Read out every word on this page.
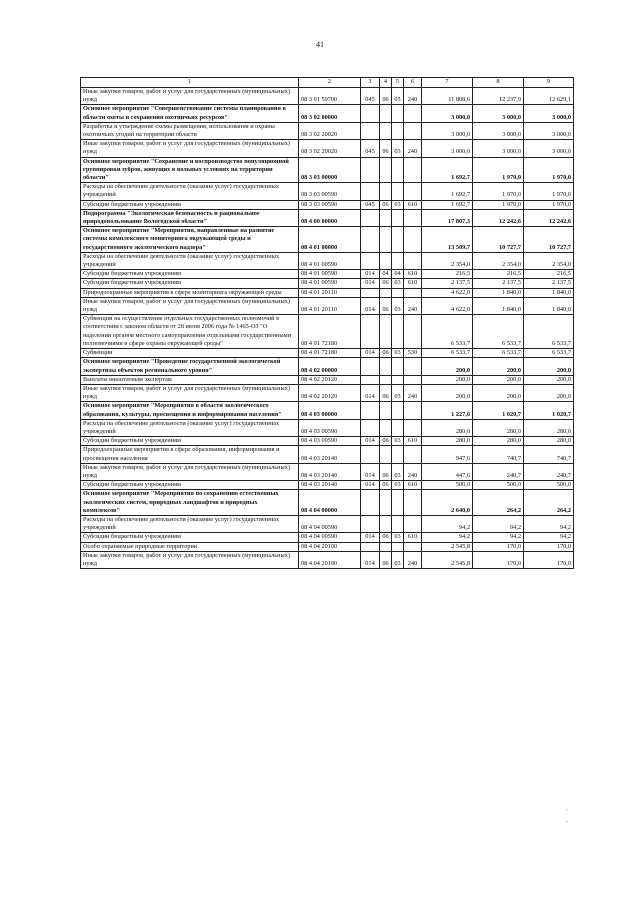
41
1	2	3	4	5	6	7	8	9
Иные закупки товаров, работ и услуг для государственных (муниципальных) нужд	08 3 01 59700	045	06	05	240	11 808,6	12 237,9	12 629,1
Основное мероприятие "Совершенствование системы планирования в области охоты и сохранения охотничьих ресурсов"	08 3 02 00000					3 000,0	3 000,0	3 000,0
Разработка и утверждение схемы размещения, использования и охраны охотничьих угодий на территории области	08 3 02 20020					3 000,0	3 000,0	3 000,0
Иные закупки товаров, работ и услуг для государственных (муниципальных) нужд	08 3 02 20020	045	06	03	240	3 000,0	3 000,0	3 000,0
Основное мероприятие "Сохранение и воспроизводство популяционной группировки зубров, живущих в вольных условиях на территории области"	08 3 03 00000					1 692,7	1 970,0	1 970,0
Расходы на обеспечение деятельности (оказание услуг) государственных учреждений	08 3 03 00590					1 692,7	1 970,0	1 970,0
Субсидии бюджетным учреждениям	08 3 03 00590	045	06	03	610	1 692,7	1 970,0	1 970,0
Подпрограмма "Экологическая безопасность и рациональное природопользование Вологодской области"	08 4 00 00000					17 807,3	12 242,6	12 242,6
Основное мероприятие "Мероприятия, направленные на развитие системы комплексного мониторинга окружающей среды и государственного экологического надзора"	08 4 01 00000					13 509,7	10 727,7	10 727,7
Расходы на обеспечение деятельности (оказание услуг) государственных учреждений	08 4 01 00590					2 354,0	2 354,0	2 354,0
Субсидии бюджетным учреждениям	08 4 01 00590	014	04	04	610	216,5	216,5	216,5
Субсидии бюджетным учреждениям	08 4 01 00590	014	06	03	610	2 137,5	2 137,5	2 137,5
Природоохранные мероприятия в сфере мониторинга окружающей среды	08 4 01 20110					4 622,0	1 840,0	1 840,0
Иные закупки товаров, работ и услуг для государственных (муниципальных) нужд	08 4 01 20110	014	06	03	240	4 622,0	1 840,0	1 840,0
Субвенции на осуществление отдельных государственных полномочий в соответствии с законом области от 28 июня 2006 года № 1465-ОЗ "О наделении органов местного самоуправления отдельными государственными полномочиями в сфере охраны окружающей среды"	08 4 01 72180					6 533,7	6 533,7	6 533,7
Субвенции	08 4 01 72180	014	06	03	530	6 533,7	6 533,7	6 533,7
Основное мероприятие "Проведение государственной экологической экспертизы объектов регионального уровня"	08 4 02 00000					200,0	200,0	200,0
Выплаты внештатным экспертам	08 4 02 20120					200,0	200,0	200,0
Иные закупки товаров, работ и услуг для государственных (муниципальных) нужд	08 4 02 20120	014	06	03	240	200,0	200,0	200,0
Основное мероприятие "Мероприятия в области экологического образования, культуры, просвещения и информирования населения"	08 4 03 00000					1 227,6	1 020,7	1 020,7
Расходы на обеспечение деятельности (оказание услуг) государственных учреждений	08 4 03 00590					280,0	280,0	280,0
Субсидии бюджетным учреждениям	08 4 03 00590	014	06	03	610	280,0	280,0	280,0
Природоохранные мероприятия в сфере образования, информирования и просвещения населения	08 4 03 20140					947,6	740,7	740,7
Иные закупки товаров, работ и услуг для государственных (муниципальных) нужд	08 4 03 20140	014	06	03	240	447,6	240,7	240,7
Субсидии бюджетным учреждениям	08 4 03 20140	014	06	03	610	500,0	500,0	500,0
Основное мероприятие "Мероприятия по сохранению естественных экологических систем, природных ландшафтов и природных комплексов"	08 4 04 00000					2 640,0	264,2	264,2
Расходы на обеспечение деятельности (оказание услуг) государственных учреждений	08 4 04 00590					94,2	94,2	94,2
Субсидии бюджетным учреждениям	08 4 04 00590	014	06	03	610	94,2	94,2	94,2
Особо охраняемые природные территории	08 4 04 20100					2 545,8	170,0	170,0
Иные закупки товаров, работ и услуг для государственных (муниципальных) нужд	08 4 04 20100	014	06	03	240	2 545,8	170,0	170,0
.
.
